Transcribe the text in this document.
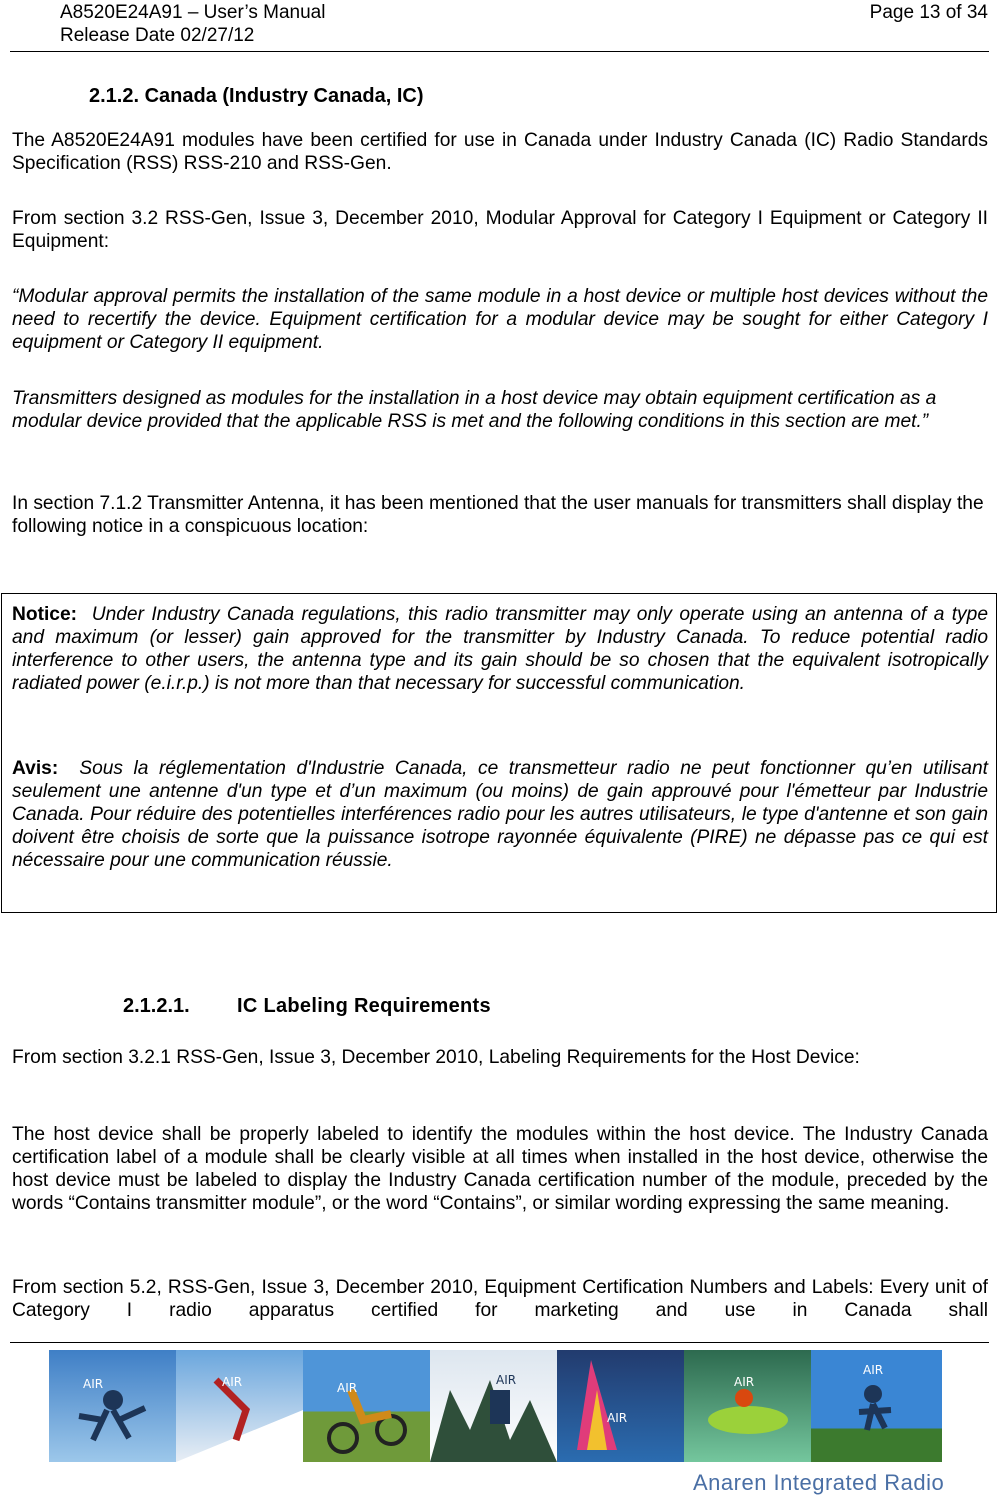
A8520E24A91 – User’s Manual
Release Date 02/27/12
Page 13 of 34
2.1.2. Canada (Industry Canada, IC)

The A8520E24A91 modules have been certified for use in Canada under Industry Canada (IC) Radio Standards Specification (RSS) RSS-210 and RSS-Gen.

From section 3.2 RSS-Gen, Issue 3, December 2010, Modular Approval for Category I Equipment or Category II Equipment:

“Modular approval permits the installation of the same module in a host device or multiple host devices without the need to recertify the device. Equipment certification for a modular device may be sought for either Category I equipment or Category II equipment.

Transmitters designed as modules for the installation in a host device may obtain equipment certification as a modular device provided that the applicable RSS is met and the following conditions in this section are met.”

In section 7.1.2 Transmitter Antenna, it has been mentioned that the user manuals for transmitters shall display the following notice in a conspicuous location:

Notice: Under Industry Canada regulations, this radio transmitter may only operate using an antenna of a type and maximum (or lesser) gain approved for the transmitter by Industry Canada. To reduce potential radio interference to other users, the antenna type and its gain should be so chosen that the equivalent isotropically radiated power (e.i.r.p.) is not more than that necessary for successful communication.

Avis: Sous la réglementation d'Industrie Canada, ce transmetteur radio ne peut fonctionner qu’en utilisant seulement une antenne d'un type et d’un maximum (ou moins) de gain approuvé pour l'émetteur par Industrie Canada. Pour réduire des potentielles interférences radio pour les autres utilisateurs, le type d'antenne et son gain doivent être choisis de sorte que la puissance isotrope rayonnée équivalente (PIRE) ne dépasse pas ce qui est nécessaire pour une communication réussie.

2.1.2.1. IC Labeling Requirements

From section 3.2.1 RSS-Gen, Issue 3, December 2010, Labeling Requirements for the Host Device:

The host device shall be properly labeled to identify the modules within the host device. The Industry Canada certification label of a module shall be clearly visible at all times when installed in the host device, otherwise the host device must be labeled to display the Industry Canada certification number of the module, preceded by the words “Contains transmitter module”, or the word “Contains”, or similar wording expressing the same meaning.

From section 5.2, RSS-Gen, Issue 3, December 2010, Equipment Certification Numbers and Labels: Every unit of Category I radio apparatus certified for marketing and use in Canada shall

AIR	AIR	AIR
AIR
AIR
AIR
AIR
Anaren Integrated Radio
